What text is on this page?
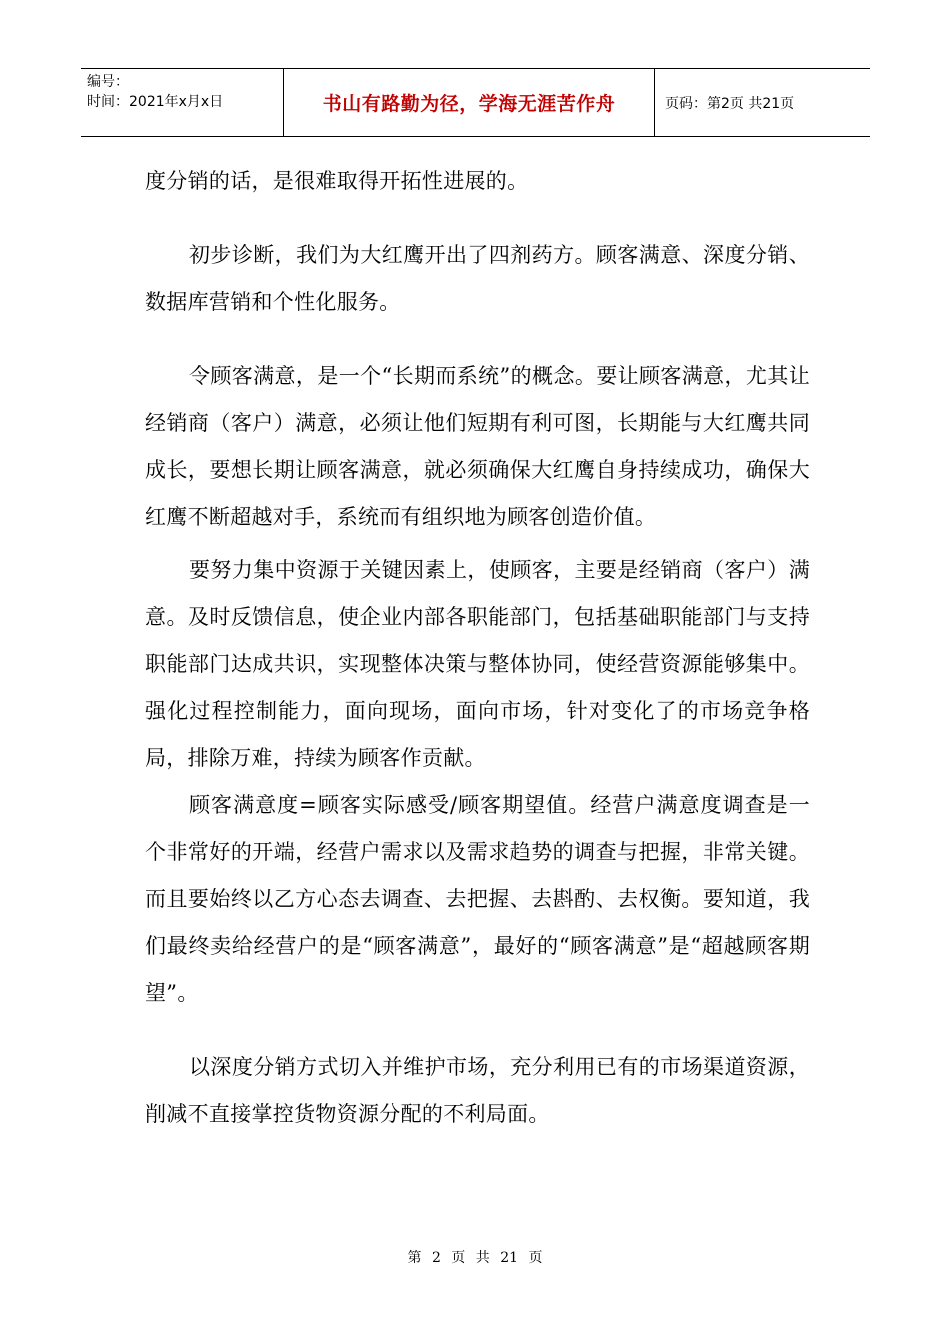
编号：
时间：2021年x月x日	书山有路勤为径，学海无涯苦作舟	页码：第2页 共21页

度分销的话，是很难取得开拓性进展的。

初步诊断，我们为大红鹰开出了四剂药方。顾客满意、深度分销、数据库营销和个性化服务。

令顾客满意，是一个“长期而系统”的概念。要让顾客满意，尤其让经销商（客户）满意，必须让他们短期有利可图，长期能与大红鹰共同成长，要想长期让顾客满意，就必须确保大红鹰自身持续成功，确保大红鹰不断超越对手，系统而有组织地为顾客创造价值。

要努力集中资源于关键因素上，使顾客，主要是经销商（客户）满意。及时反馈信息，使企业内部各职能部门，包括基础职能部门与支持职能部门达成共识，实现整体决策与整体协同，使经营资源能够集中。强化过程控制能力，面向现场，面向市场，针对变化了的市场竞争格局，排除万难，持续为顾客作贡献。

顾客满意度=顾客实际感受/顾客期望值。经营户满意度调查是一个非常好的开端，经营户需求以及需求趋势的调查与把握，非常关键。而且要始终以乙方心态去调查、去把握、去斟酌、去权衡。要知道，我们最终卖给经营户的是“顾客满意”，最好的“顾客满意”是“超越顾客期望”。

以深度分销方式切入并维护市场，充分利用已有的市场渠道资源，削减不直接掌控货物资源分配的不利局面。

第 2 页 共 21 页
